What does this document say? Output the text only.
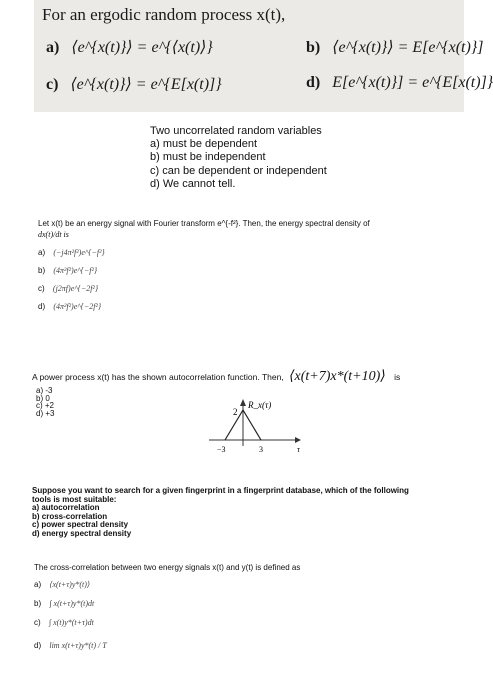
For an ergodic random process x(t),
a) ⟨e^{x(t)}⟩ = e^{⟨x(t)⟩}	b) ⟨e^{x(t)}⟩ = E[e^{x(t)}]
c) ⟨e^{x(t)}⟩ = e^{E[x(t)]}	d) E[e^{x(t)}] = e^{E[x(t)]}
Two uncorrelated random variables
a) must be dependent
b) must be independent
c) can be dependent or independent
d) We cannot tell.
Let x(t) be an energy signal with Fourier transform e^{-f²}. Then, the energy spectral density of
dx(t)/dt is
a) (−j4π²f²)e^{−f²}
b) (4π²f²)e^{−f²}
c) (j2πf)e^{−2f²}
d) (4π²f²)e^{−2f²}
A power process x(t) has the shown autocorrelation function. Then, ⟨x(t+7)x*(t+10)⟩ is
a) -3
b) 0
c) +2
d) +3	2
R_x(τ)
−3	3	τ
Suppose you want to search for a given fingerprint in a fingerprint database, which of the following
tools is most suitable:
a) autocorrelation
b) cross-correlation
c) power spectral density
d) energy spectral density
The cross-correlation between two energy signals x(t) and y(t) is defined as
a) ⟨x(t+τ)y*(t)⟩
b) ∫ x(t+τ)y*(t)dt
c) ∫ x(t)y*(t+τ)dt
d) lim x(t+τ)y*(t) / T
